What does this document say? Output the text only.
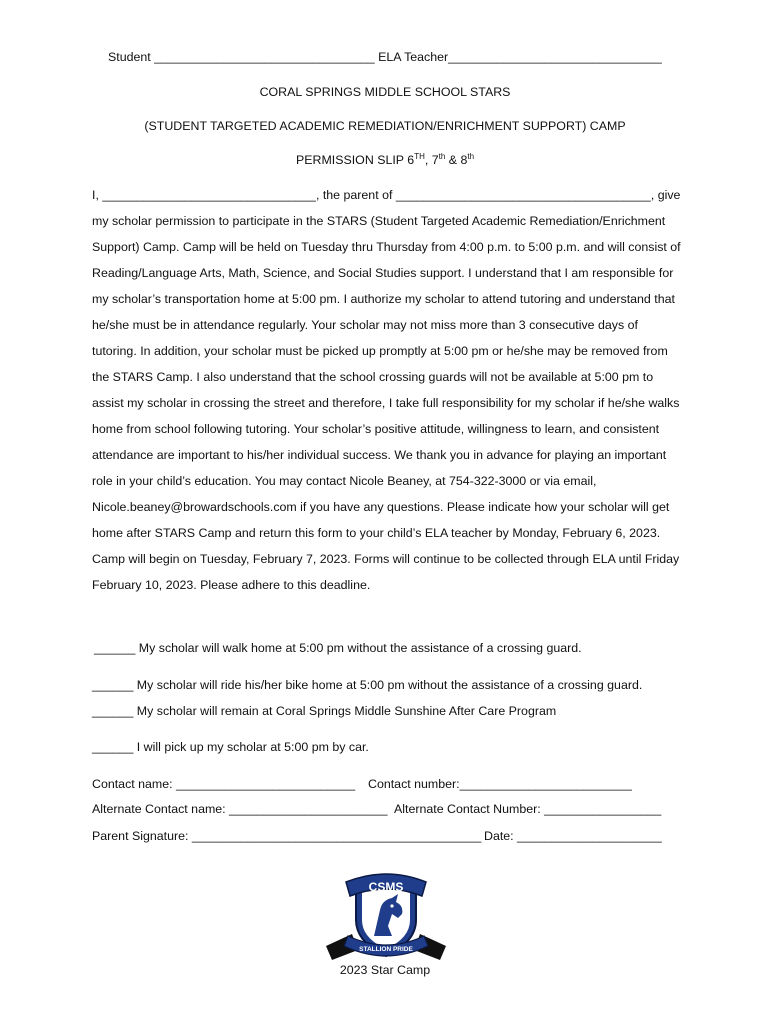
Student ________________________________ ELA Teacher_______________________________
CORAL SPRINGS MIDDLE SCHOOL STARS
(STUDENT TARGETED ACADEMIC REMEDIATION/ENRICHMENT SUPPORT) CAMP
PERMISSION SLIP 6TH, 7th & 8th
I, _______________________________, the parent of _____________________________________, give my scholar permission to participate in the STARS (Student Targeted Academic Remediation/Enrichment Support) Camp. Camp will be held on Tuesday thru Thursday from 4:00 p.m. to 5:00 p.m. and will consist of Reading/Language Arts, Math, Science, and Social Studies support. I understand that I am responsible for my scholar’s transportation home at 5:00 pm. I authorize my scholar to attend tutoring and understand that he/she must be in attendance regularly. Your scholar may not miss more than 3 consecutive days of tutoring. In addition, your scholar must be picked up promptly at 5:00 pm or he/she may be removed from the STARS Camp. I also understand that the school crossing guards will not be available at 5:00 pm to assist my scholar in crossing the street and therefore, I take full responsibility for my scholar if he/she walks home from school following tutoring. Your scholar’s positive attitude, willingness to learn, and consistent attendance are important to his/her individual success. We thank you in advance for playing an important role in your child’s education. You may contact Nicole Beaney, at 754-322-3000 or via email, Nicole.beaney@browardschools.com if you have any questions. Please indicate how your scholar will get home after STARS Camp and return this form to your child’s ELA teacher by Monday, February 6, 2023. Camp will begin on Tuesday, February 7, 2023. Forms will continue to be collected through ELA until Friday February 10, 2023. Please adhere to this deadline.
______ My scholar will walk home at 5:00 pm without the assistance of a crossing guard.
______ My scholar will ride his/her bike home at 5:00 pm without the assistance of a crossing guard.
______ My scholar will remain at Coral Springs Middle Sunshine After Care Program
______ I will pick up my scholar at 5:00 pm by car.
Contact name: __________________________ Contact number:_________________________
Alternate Contact name: _______________________ Alternate Contact Number: _________________
Parent Signature: __________________________________________ Date: _____________________
CSMS
STALLION PRIDE
2023 Star Camp
